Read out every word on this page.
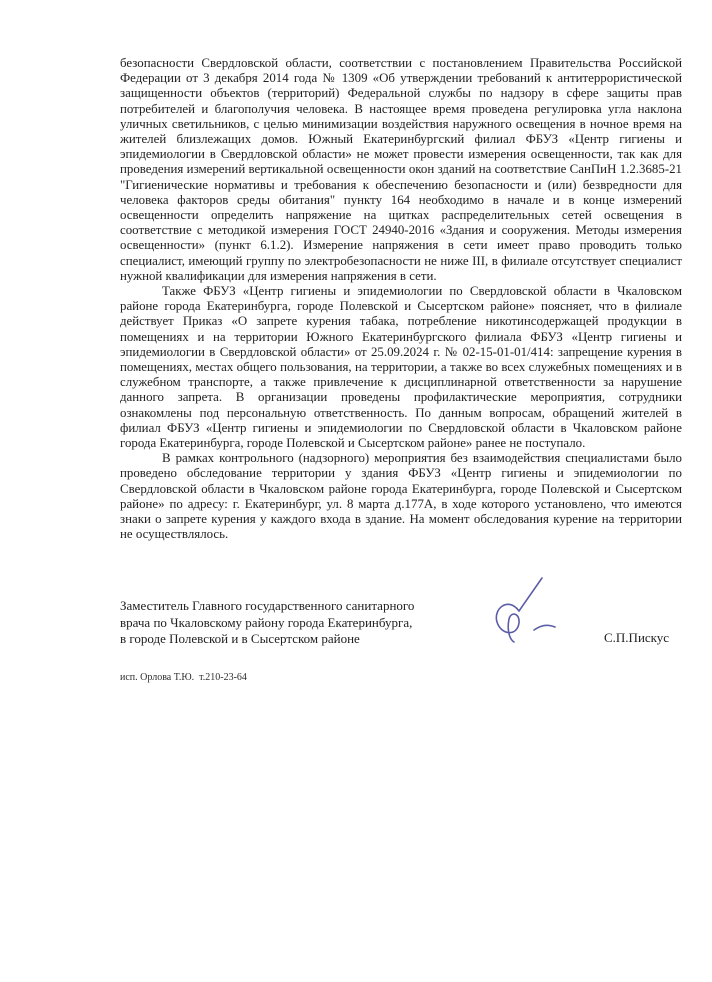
безопасности Свердловской области, соответствии с постановлением Правительства Российской Федерации от 3 декабря 2014 года № 1309 «Об утверждении требований к антитеррористической защищенности объектов (территорий) Федеральной службы по надзору в сфере защиты прав потребителей и благополучия человека. В настоящее время проведена регулировка угла наклона уличных светильников, с целью минимизации воздействия наружного освещения в ночное время на жителей близлежащих домов. Южный Екатеринбургский филиал ФБУЗ «Центр гигиены и эпидемиологии в Свердловской области» не может провести измерения освещенности, так как для проведения измерений вертикальной освещенности окон зданий на соответствие СанПиН 1.2.3685-21 "Гигиенические нормативы и требования к обеспечению безопасности и (или) безвредности для человека факторов среды обитания" пункту 164 необходимо в начале и в конце измерений освещенности определить напряжение на щитках распределительных сетей освещения в соответствие с методикой измерения ГОСТ 24940-2016 «Здания и сооружения. Методы измерения освещенности» (пункт 6.1.2). Измерение напряжения в сети имеет право проводить только специалист, имеющий группу по электробезопасности не ниже III, в филиале отсутствует специалист нужной квалификации для измерения напряжения в сети.

Также ФБУЗ «Центр гигиены и эпидемиологии по Свердловской области в Чкаловском районе города Екатеринбурга, городе Полевской и Сысертском районе» поясняет, что в филиале действует Приказ «О запрете курения табака, потребление никотинсодержащей продукции в помещениях и на территории Южного Екатеринбургского филиала ФБУЗ «Центр гигиены и эпидемиологии в Свердловской области» от 25.09.2024 г. № 02-15-01-01/414: запрещение курения в помещениях, местах общего пользования, на территории, а также во всех служебных помещениях и в служебном транспорте, а также привлечение к дисциплинарной ответственности за нарушение данного запрета. В организации проведены профилактические мероприятия, сотрудники ознакомлены под персональную ответственность. По данным вопросам, обращений жителей в филиал ФБУЗ «Центр гигиены и эпидемиологии по Свердловской области в Чкаловском районе города Екатеринбурга, городе Полевской и Сысертском районе» ранее не поступало.

В рамках контрольного (надзорного) мероприятия без взаимодействия специалистами было проведено обследование территории у здания ФБУЗ «Центр гигиены и эпидемиологии по Свердловской области в Чкаловском районе города Екатеринбурга, городе Полевской и Сысертском районе» по адресу: г. Екатеринбург, ул. 8 марта д.177А, в ходе которого установлено, что имеются знаки о запрете курения у каждого входа в здание. На момент обследования курение на территории не осуществлялось.

Заместитель Главного государственного санитарного
врача по Чкаловскому району города Екатеринбурга,
в городе Полевской и в Сысертском районе	С.П.Пискус
исп. Орлова Т.Ю.  т.210-23-64
